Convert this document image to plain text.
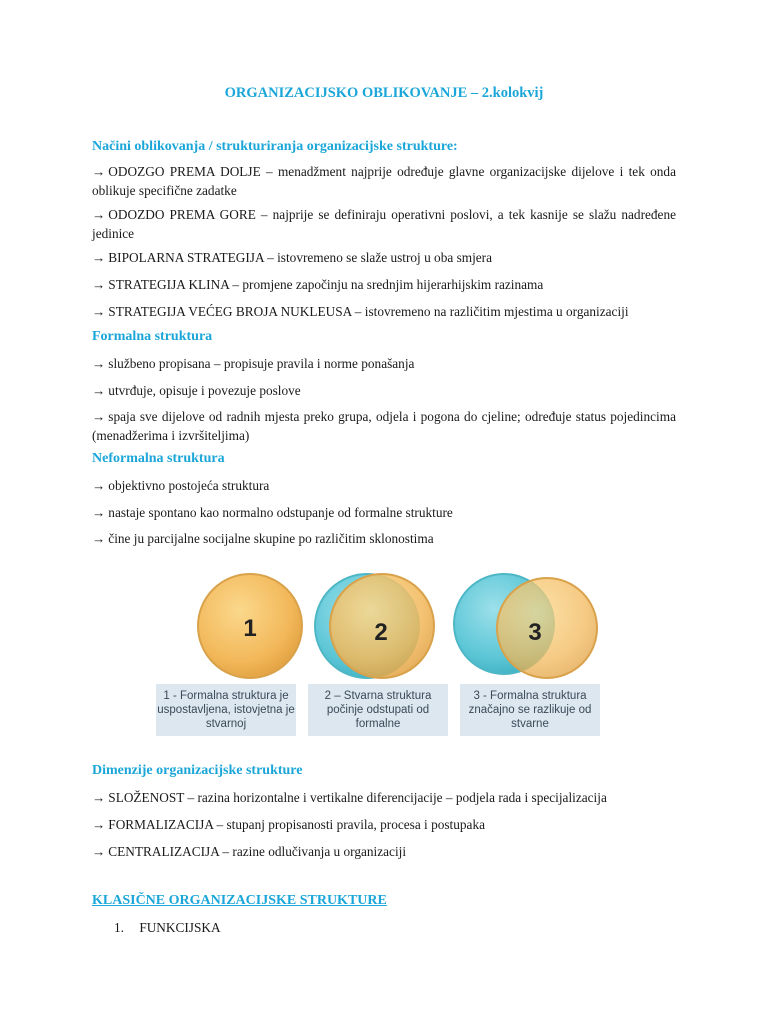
ORGANIZACIJSKO OBLIKOVANJE – 2.kolokvij
Načini oblikovanja / strukturiranja organizacijske strukture:
→ ODOZGO PREMA DOLJE – menadžment najprije određuje glavne organizacijske dijelove i tek onda oblikuje specifične zadatke
→ ODOZDO PREMA GORE – najprije se definiraju operativni poslovi, a tek kasnije se slažu nadređene jedinice
→ BIPOLARNA STRATEGIJA – istovremeno se slaže ustroj u oba smjera
→ STRATEGIJA KLINA – promjene započinju na srednjim hijerarhijskim razinama
→ STRATEGIJA VEĆEG BROJA NUKLEUSA – istovremeno na različitim mjestima u organizaciji
Formalna struktura
→ službeno propisana – propisuje pravila i norme ponašanja
→ utvrđuje, opisuje i povezuje poslove
→ spaja sve dijelove od radnih mjesta preko grupa, odjela i pogona do cjeline; određuje status pojedincima (menadžerima i izvršiteljima)
Neformalna struktura
→ objektivno postojeća struktura
→ nastaje spontano kao normalno odstupanje od formalne strukture
→ čine ju parcijalne socijalne skupine po različitim sklonostima
1	2	3
1 - Formalna struktura je uspostavljena, istovjetna je stvarnoj
2 – Stvarna struktura počinje odstupati od formalne
3 - Formalna struktura značajno se razlikuje od stvarne
Dimenzije organizacijske strukture
→ SLOŽENOST – razina horizontalne i vertikalne diferencijacije – podjela rada i specijalizacija
→ FORMALIZACIJA – stupanj propisanosti pravila, procesa i postupaka
→ CENTRALIZACIJA – razine odlučivanja u organizaciji
KLASIČNE ORGANIZACIJSKE STRUKTURE
1. FUNKCIJSKA
